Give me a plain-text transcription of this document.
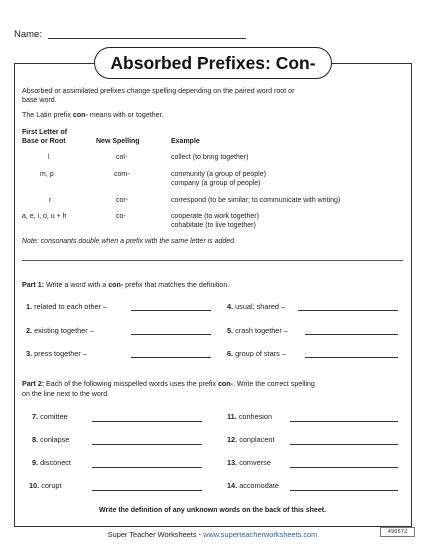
Name:
Absorbed Prefixes: Con-
Absorbed or assimilated prefixes change spelling depending on the paired word root or
base word.
The Latin prefix con- means with or together.
First Letter of
Base or Root	New Spelling	Example
l	col-	collect (to bring together)
m, p	com-	community (a group of people)
company (a group of people)
r	cor-	correspond (to be similar; to communicate with writing)
a, e, i, o, u + h	co-	cooperate (to work together)
cohabitate (to live together)
Note: consonants double when a prefix with the same letter is added.
Part 1: Write a word with a con- prefix that matches the definition.
1. related to each other –	4. usual; shared –
2. existing together –	5. crash together –
3. press together –	6. group of stars –
Part 2: Each of the following misspelled words uses the prefix con-. Write the correct spelling
on the line next to the word.
7. comittee	11. conhesion
8. conlapse	12. conplacent
9. disconect	13. comverse
10. corupt	14. accomodate
Write the definition of any unknown words on the back of this sheet.
Super Teacher Worksheets - www.superteacherworksheets.com	490572
